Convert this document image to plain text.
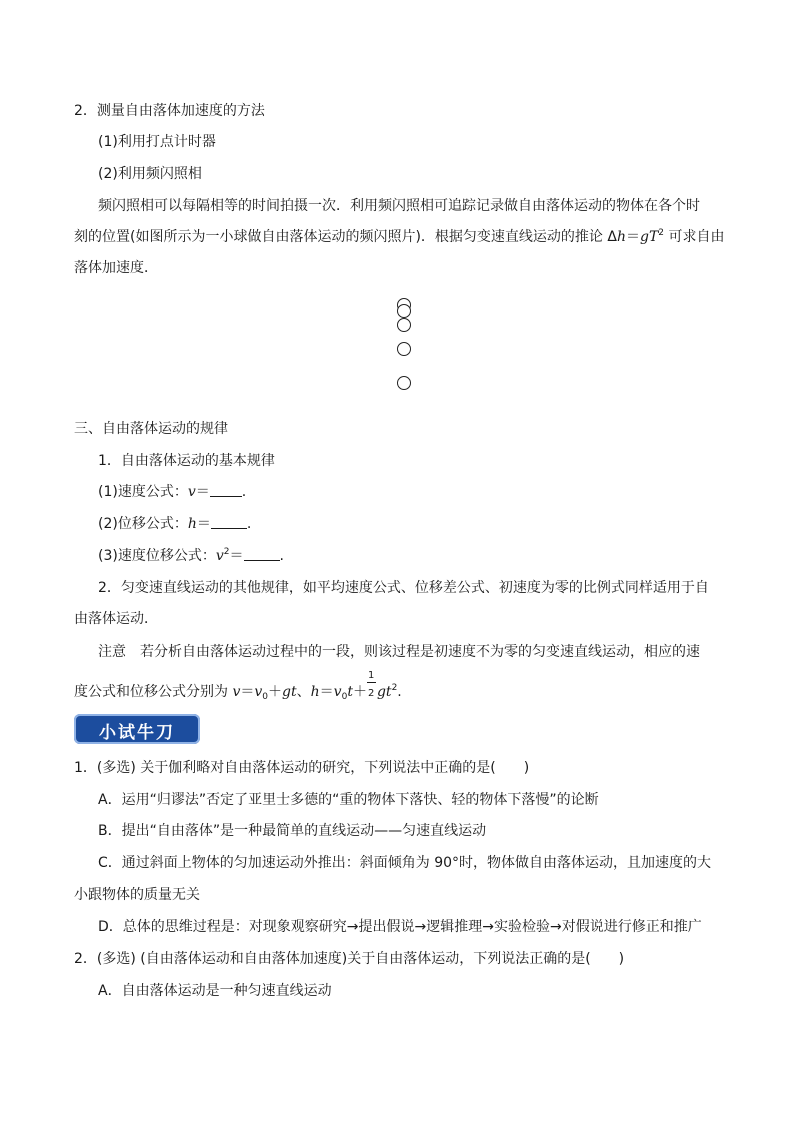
2．测量自由落体加速度的方法
(1)利用打点计时器
(2)利用频闪照相
频闪照相可以每隔相等的时间拍摄一次．利用频闪照相可追踪记录做自由落体运动的物体在各个时
刻的位置(如图所示为一小球做自由落体运动的频闪照片)．根据匀变速直线运动的推论 $\Delta h=gT^2$ 可求自由
落体加速度．
三、自由落体运动的规律
1．自由落体运动的基本规律
(1)速度公式：v＝ .
(2)位移公式：h＝	.
(3)速度位移公式：$v^2=$	.
2．匀变速直线运动的其他规律，如平均速度公式、位移差公式、初速度为零的比例式同样适用于自
由落体运动．
注意　若分析自由落体运动过程中的一段，则该过程是初速度不为零的匀变速直线运动，相应的速
度公式和位移公式分别为 $v=v_0+gt$、$h=v_0t+ \frac{1}{2} gt^2$.
小试牛刀
1．(多选) 关于伽利略对自由落体运动的研究，下列说法中正确的是(　　)
A．运用“归谬法”否定了亚里士多德的“重的物体下落快、轻的物体下落慢”的论断
B．提出“自由落体”是一种最简单的直线运动——匀速直线运动
C．通过斜面上物体的匀加速运动外推出：斜面倾角为 90°时，物体做自由落体运动，且加速度的大
小跟物体的质量无关
D．总体的思维过程是：对现象观察研究→提出假说→逻辑推理→实验检验→对假说进行修正和推广
2．(多选) (自由落体运动和自由落体加速度)关于自由落体运动，下列说法正确的是(　　)
A．自由落体运动是一种匀速直线运动
